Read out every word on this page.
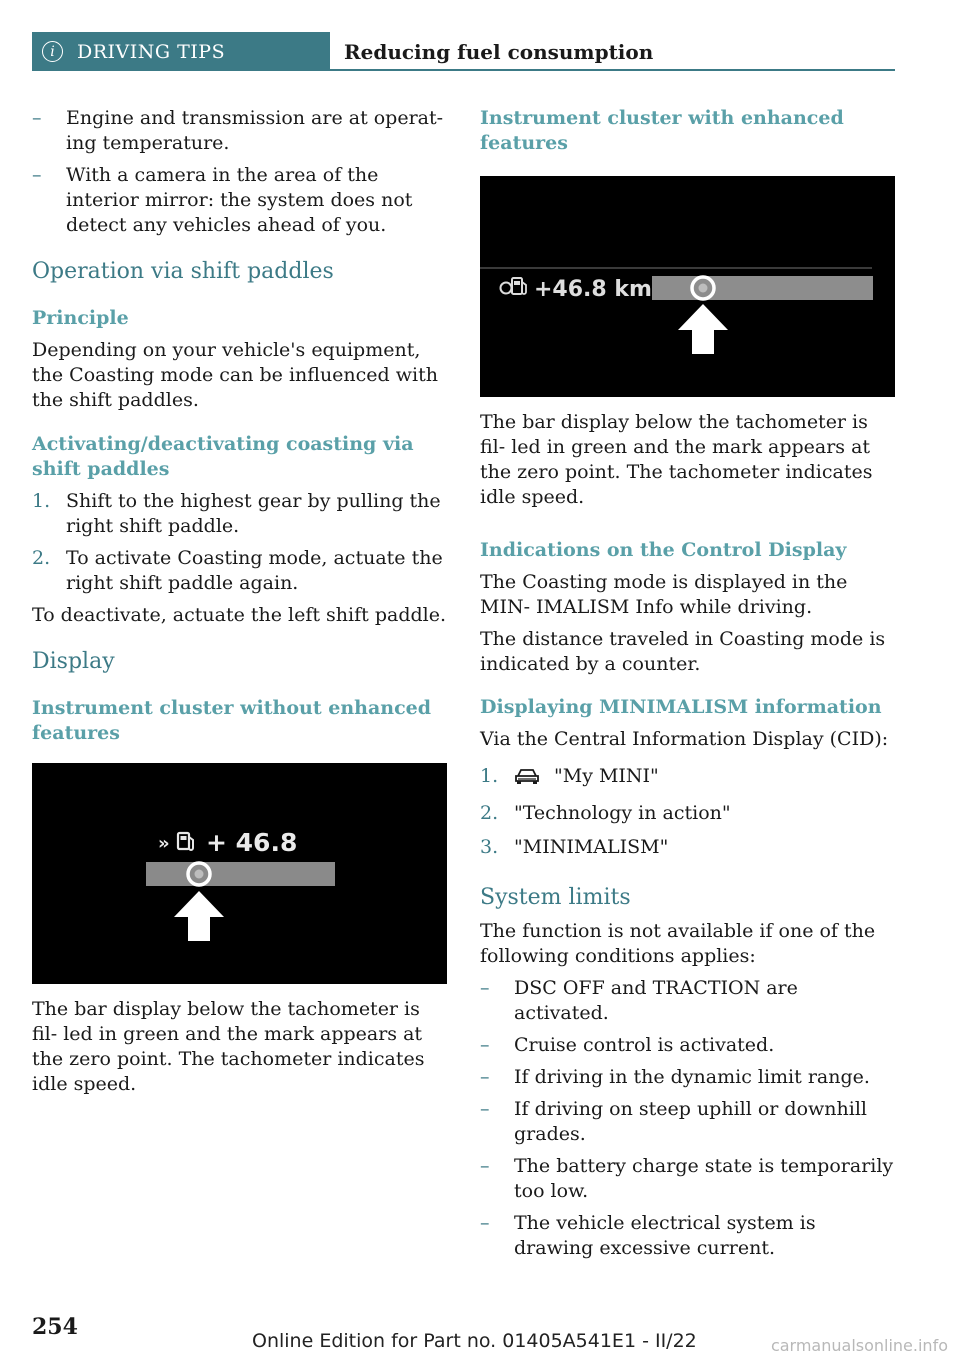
i	DRIVING TIPS	Reducing fuel consumption
– Engine and transmission are at operat‐ ing temperature.
– With a camera in the area of the interior mirror: the system does not detect any vehicles ahead of you.
Operation via shift paddles
Principle

Depending on your vehicle's equipment, the Coasting mode can be influenced with the shift paddles.

Activating/deactivating coasting via shift paddles
1. Shift to the highest gear by pulling the right shift paddle.
2. To activate Coasting mode, actuate the right shift paddle again.

To deactivate, actuate the left shift paddle.

Display
Instrument cluster without enhanced features
» + 46.8

The bar display below the tachometer is fil‐ led in green and the mark appears at the zero point. The tachometer indicates idle speed.

Instrument cluster with enhanced features
+46.8 km

The bar display below the tachometer is fil‐ led in green and the mark appears at the zero point. The tachometer indicates idle speed.

Indications on the Control Display

The Coasting mode is displayed in the MIN‐ IMALISM Info while driving.

The distance traveled in Coasting mode is indicated by a counter.

Displaying MINIMALISM information

Via the Central Information Display (CID):

1.	"My MINI"
2. "Technology in action"
3. "MINIMALISM"
System limits

The function is not available if one of the following conditions applies:

– DSC OFF and TRACTION are activated.
– Cruise control is activated.
– If driving in the dynamic limit range.
– If driving on steep uphill or downhill grades.
– The battery charge state is temporarily too low.
– The vehicle electrical system is drawing excessive current.
254
Online Edition for Part no. 01405A541E1 - II/22	carmanualsonline.info
